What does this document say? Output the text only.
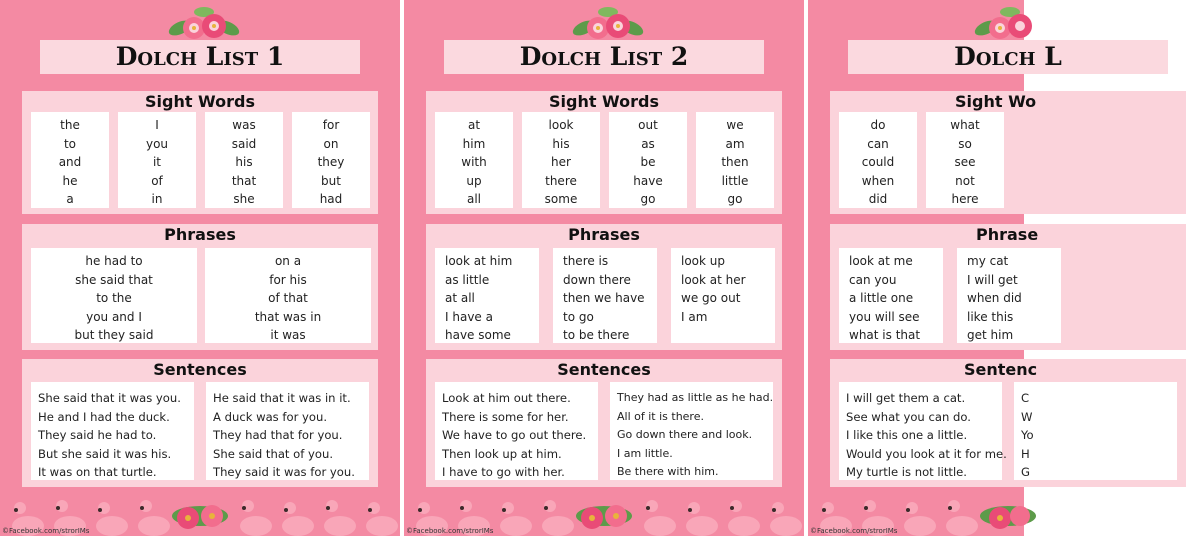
Dolch List 1
Sight Words
the
to
and
he
a
I
you
it
of
in
was
said
his
that
she
for
on
they
but
had
Phrases
he had to
she said that
to the
you and I
but they said
on a
for his
of that
that was in
it was
Sentences
She said that it was you.
He and I had the duck.
They said he had to.
But she said it was his.
It was on that turtle.
He said that it was in it.
A duck was for you.
They had that for you.
She said that of you.
They said it was for you.
©Facebook.com/strorIMs
Dolch List 2
Sight Words
at
him
with
up
all
look
his
her
there
some
out
as
be
have
go
we
am
then
little
go
Phrases
look at him
as little
at all
I have a
have some
there is
down there
then we have
to go
to be there
look up
look at her
we go out
I am
Sentences
Look at him out there.
There is some for her.
We have to go out there.
Then look up at him.
I have to go with her.
They had as little as he had.
All of it is there.
Go down there and look.
I am little.
Be there with him.
©Facebook.com/strorIMs
Dolch L
Sight Wo
do
can
could
when
did
what
so
see
not
here
Phrase
look at me
can you
a little one
you will see
what is that
my cat
I will get
when did
like this
get him
Sentenc
I will get them a cat.
See what you can do.
I like this one a little.
Would you look at it for me.
My turtle is not little.
C
W
Yo
H
G
©Facebook.com/strorIMs
